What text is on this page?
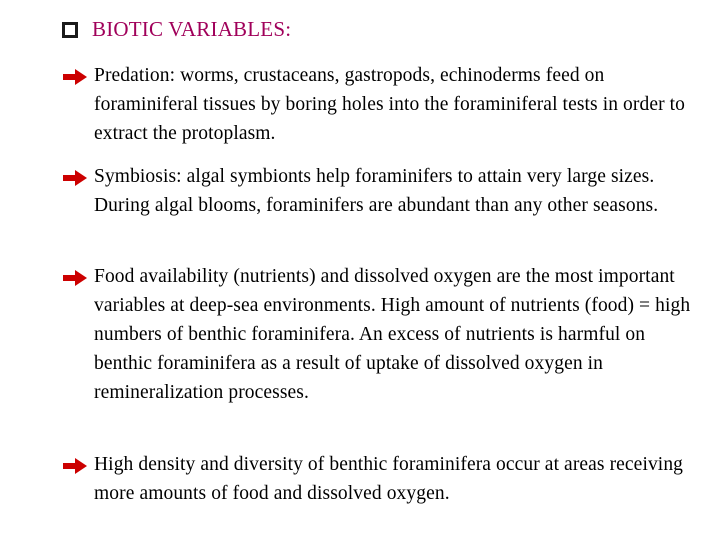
BIOTIC VARIABLES:
Predation: worms, crustaceans, gastropods, echinoderms feed on foraminiferal tissues by boring holes into the foraminiferal tests in order to extract the protoplasm.
Symbiosis: algal symbionts help foraminifers to attain very large sizes. During algal blooms, foraminifers are abundant than any other seasons.
Food availability (nutrients) and dissolved oxygen are the most important variables at deep-sea environments. High amount of nutrients (food) = high numbers of benthic foraminifera. An excess of nutrients is harmful on benthic foraminifera as a result of uptake of dissolved oxygen in remineralization processes.
High density and diversity of benthic foraminifera occur at areas receiving more amounts of food and dissolved oxygen.
